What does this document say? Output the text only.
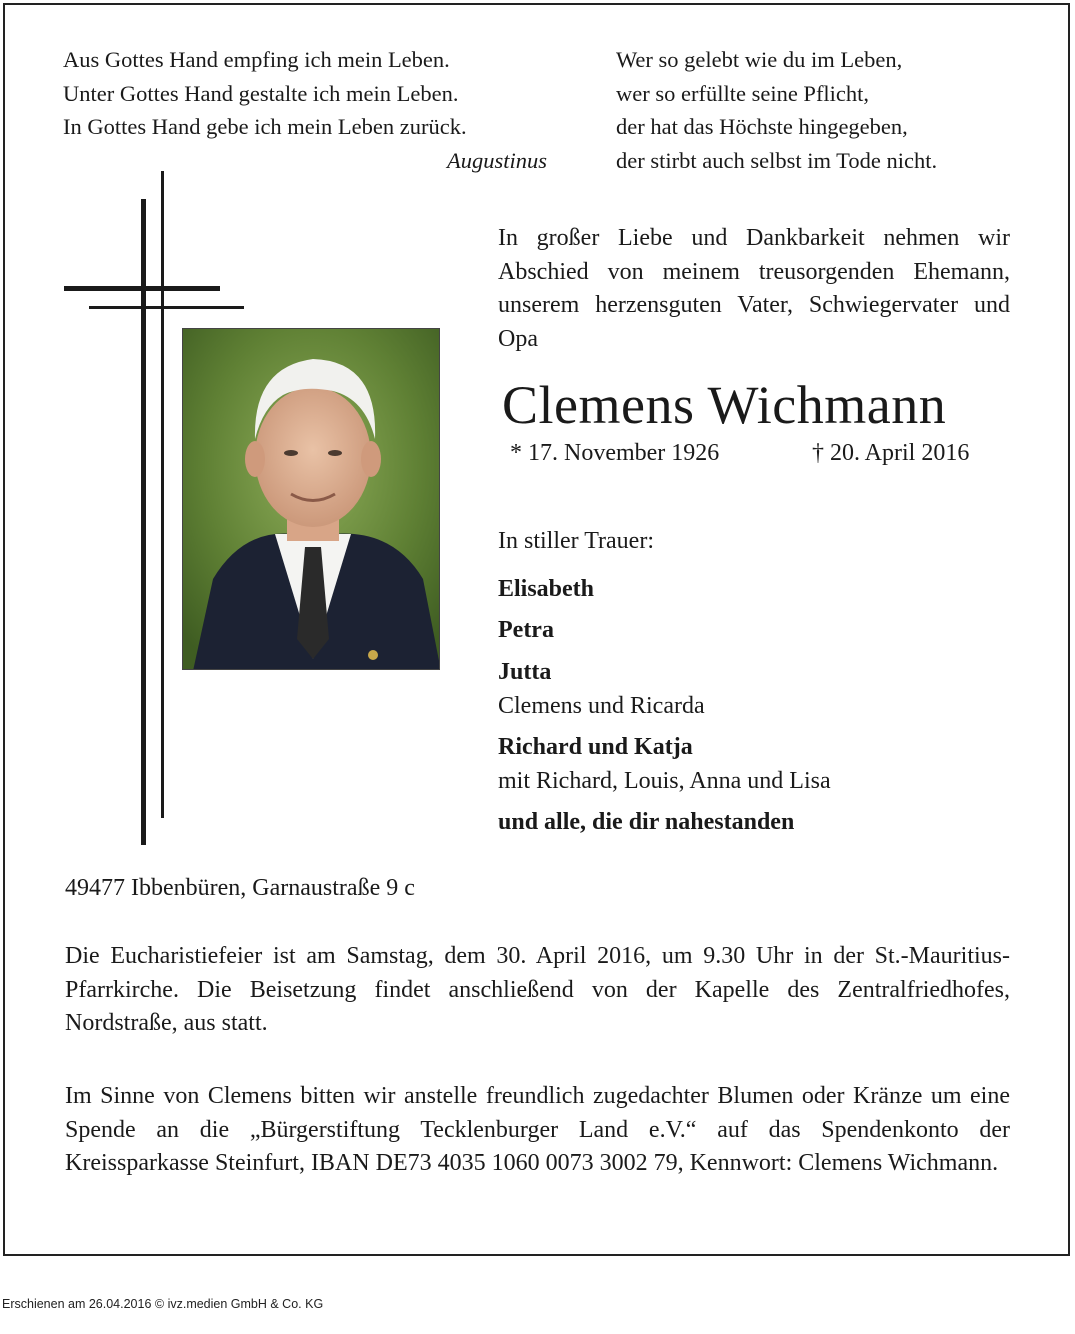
Aus Gottes Hand empfing ich mein Leben.
Unter Gottes Hand gestalte ich mein Leben.
In Gottes Hand gebe ich mein Leben zurück.
Augustinus
Wer so gelebt wie du im Leben,
wer so erfüllte seine Pflicht,
der hat das Höchste hingegeben,
der stirbt auch selbst im Tode nicht.
In großer Liebe und Dankbarkeit nehmen wir Abschied von meinem treusorgenden Ehemann, unserem herzensguten Vater, Schwiegervater und Opa
Clemens Wichmann
* 17. November 1926	† 20. April 2016
In stiller Trauer:
Elisabeth
Petra
Jutta
Clemens und Ricarda
Richard und Katja
mit Richard, Louis, Anna und Lisa
und alle, die dir nahestanden
49477 Ibbenbüren, Garnaustraße 9 c
Die Eucharistiefeier ist am Samstag, dem 30. April 2016, um 9.30 Uhr in der St.-Mauritius-Pfarrkirche. Die Beisetzung findet anschließend von der Kapelle des Zentralfriedhofes, Nordstraße, aus statt.
Im Sinne von Clemens bitten wir anstelle freundlich zugedachter Blumen oder Kränze um eine Spende an die „Bürgerstiftung Tecklenburger Land e.V.“ auf das Spendenkonto der Kreissparkasse Steinfurt, IBAN DE73 4035 1060 0073 3002 79, Kennwort: Clemens Wichmann.
Erschienen am 26.04.2016 © ivz.medien GmbH & Co. KG
